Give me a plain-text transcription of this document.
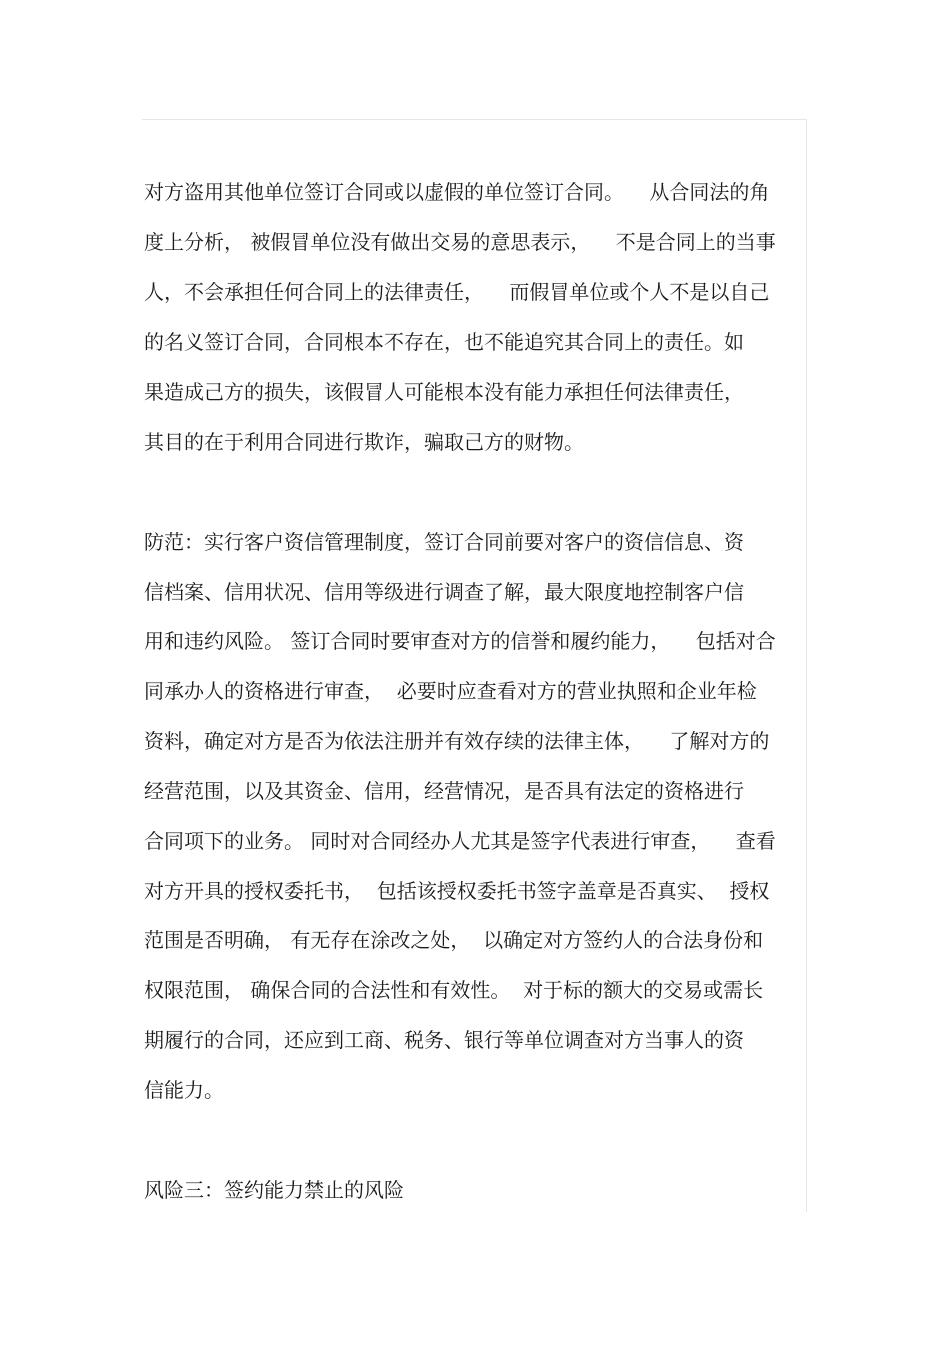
对方盗用其他单位签订合同或以虚假的单位签订合同。    从合同法的角
度上分析， 被假冒单位没有做出交易的意思表示，    不是合同上的当事
人，不会承担任何合同上的法律责任，    而假冒单位或个人不是以自己
的名义签订合同，合同根本不存在，也不能追究其合同上的责任。如
果造成己方的损失，该假冒人可能根本没有能力承担任何法律责任，
其目的在于利用合同进行欺诈，骗取己方的财物。
防范：实行客户资信管理制度，签订合同前要对客户的资信信息、资
信档案、信用状况、信用等级进行调查了解，最大限度地控制客户信
用和违约风险。 签订合同时要审查对方的信誉和履约能力，    包括对合
同承办人的资格进行审查，  必要时应查看对方的营业执照和企业年检
资料，确定对方是否为依法注册并有效存续的法律主体，    了解对方的
经营范围，以及其资金、信用，经营情况，是否具有法定的资格进行
合同项下的业务。 同时对合同经办人尤其是签字代表进行审查，    查看
对方开具的授权委托书，  包括该授权委托书签字盖章是否真实、  授权
范围是否明确， 有无存在涂改之处，  以确定对方签约人的合法身份和
权限范围， 确保合同的合法性和有效性。  对于标的额大的交易或需长
期履行的合同，还应到工商、税务、银行等单位调查对方当事人的资
信能力。
风险三：签约能力禁止的风险
